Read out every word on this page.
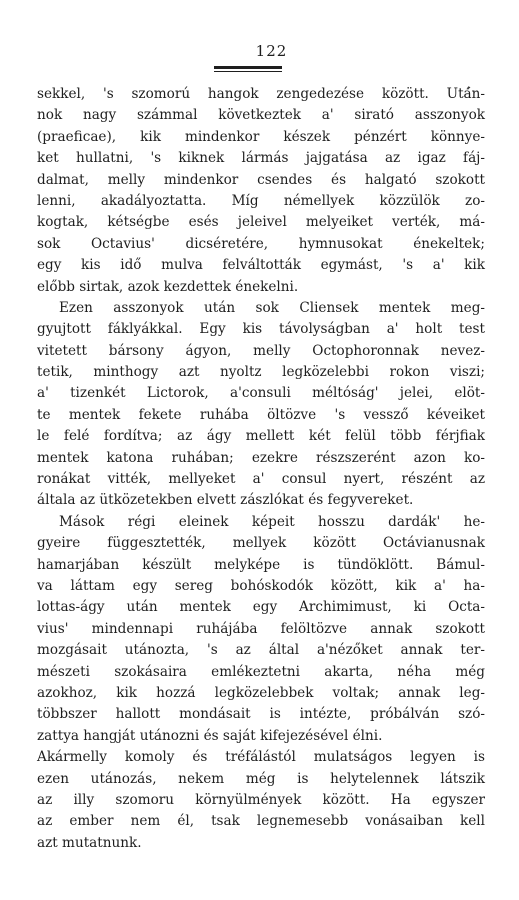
122
sekkel, 's szomorú hangok zengedezése között. Utá́n-
nok nagy számmal következtek a' sirató asszonyok
(praeficae), kik mindenkor készek pénzért könnye-
ket hullatni, 's kiknek lármás jajgatása az igaz fáj-
dalmat, melly mindenkor csendes és halgató szokott
lenni, akadályoztatta. Míg némellyek közzülök zo-
kogtak, kétségbe esés jeleivel melyeiket verték, má-
sok Octavius' dicséretére, hymnusokat énekeltek;
egy kis idő mulva felváltották egymást, 's a' kik
előbb sirtak, azok kezdettek énekelni.
Ezen asszonyok után sok Cliensek mentek meg-
gyujtott fáklyákkal. Egy kis távolyságban a' holt test
vitetett bársony ágyon, melly Octophoronnak nevez-
tetik, minthogy azt nyoltz legközelebbi rokon viszi;
a' tizenkét Lictorok, a'consuli méltóság' jelei, elöt-
te mentek fekete ruhába öltözve 's vessző kéveiket
le felé fordítva; az ágy mellett két felül több férjfiak
mentek katona ruhában; ezekre részszerént azon ko-
ronákat vitték, mellyeket a' consul nyert, részént az
általa az ütközetekben elvett zászlókat és fegyvereket.
Mások régi eleinek képeit hosszu dardák' he-
gyeire függesztették, mellyek között Octávianusnak
hamarjában készült melyképe is tündöklött. Bámul-
va láttam egy sereg bohóskodók között, kik a' ha-
lottas-ágy után mentek egy Archimimust, ki Octa-
vius' mindennapi ruhájába felöltözve annak szokott
mozgásait utánozta, 's az által a'nézőket annak ter-
mészeti szokásaira emlékeztetni akarta, néha még
azokhoz, kik hozzá legközelebbek voltak; annak leg-
többszer hallott mondásait is intézte, próbálván szó-
zattya hangját utánozni és saját kifejezésével élni.
Akármelly komoly és tréfálástól mulatságos legyen is
ezen utánozás, nekem még is helytelennek látszik
az illy szomoru környülmények között. Ha egyszer
az ember nem él, tsak legnemesebb vonásaiban kell
azt mutatnunk.
